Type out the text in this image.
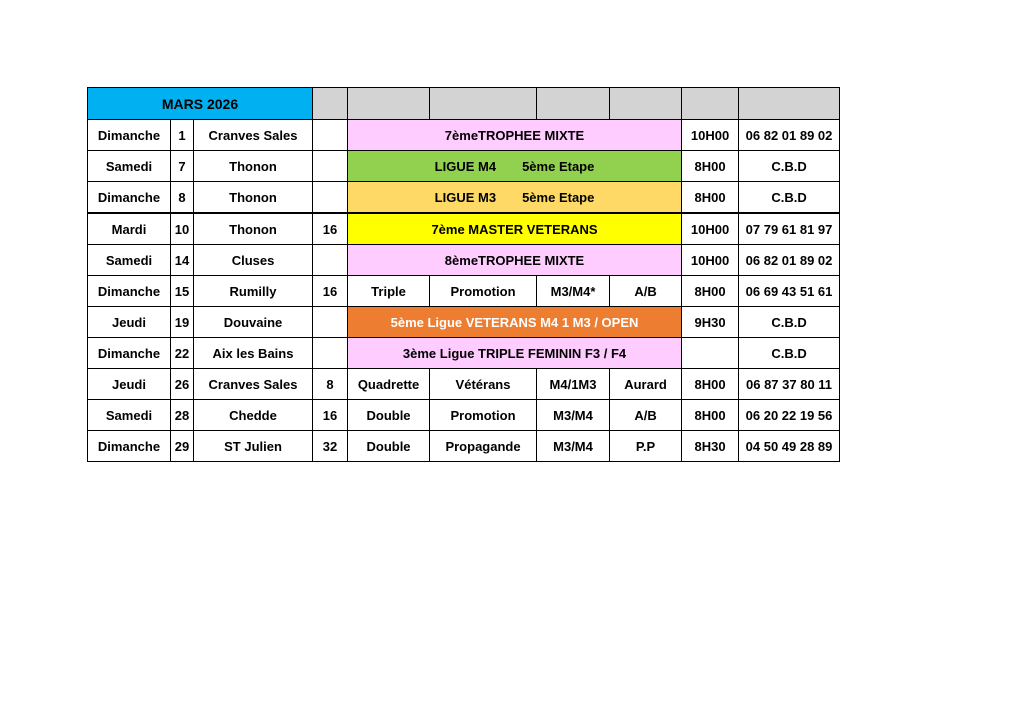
MARS 2026									
Dimanche	1	Cranves Sales		7èmeTROPHEE MIXTE				10H00	06 82 01 89 02
Samedi	7	Thonon		LIGUE M4 5ème Etape				8H00	C.B.D
Dimanche	8	Thonon		LIGUE M3 5ème Etape				8H00	C.B.D
Mardi	10	Thonon	16	7ème MASTER VETERANS				10H00	07 79 61 81 97
Samedi	14	Cluses		8èmeTROPHEE MIXTE				10H00	06 82 01 89 02
Dimanche	15	Rumilly	16	Triple	Promotion	M3/M4*	A/B	8H00	06 69 43 51 61
Jeudi	19	Douvaine		5ème Ligue VETERANS M4 1 M3 / OPEN				9H30	C.B.D
Dimanche	22	Aix les Bains		3ème Ligue TRIPLE FEMININ F3 / F4					C.B.D
Jeudi	26	Cranves Sales	8	Quadrette	Vétérans	M4/1M3	Aurard	8H00	06 87 37 80 11
Samedi	28	Chedde	16	Double	Promotion	M3/M4	A/B	8H00	06 20 22 19 56
Dimanche	29	ST Julien	32	Double	Propagande	M3/M4	P.P	8H30	04 50 49 28 89
